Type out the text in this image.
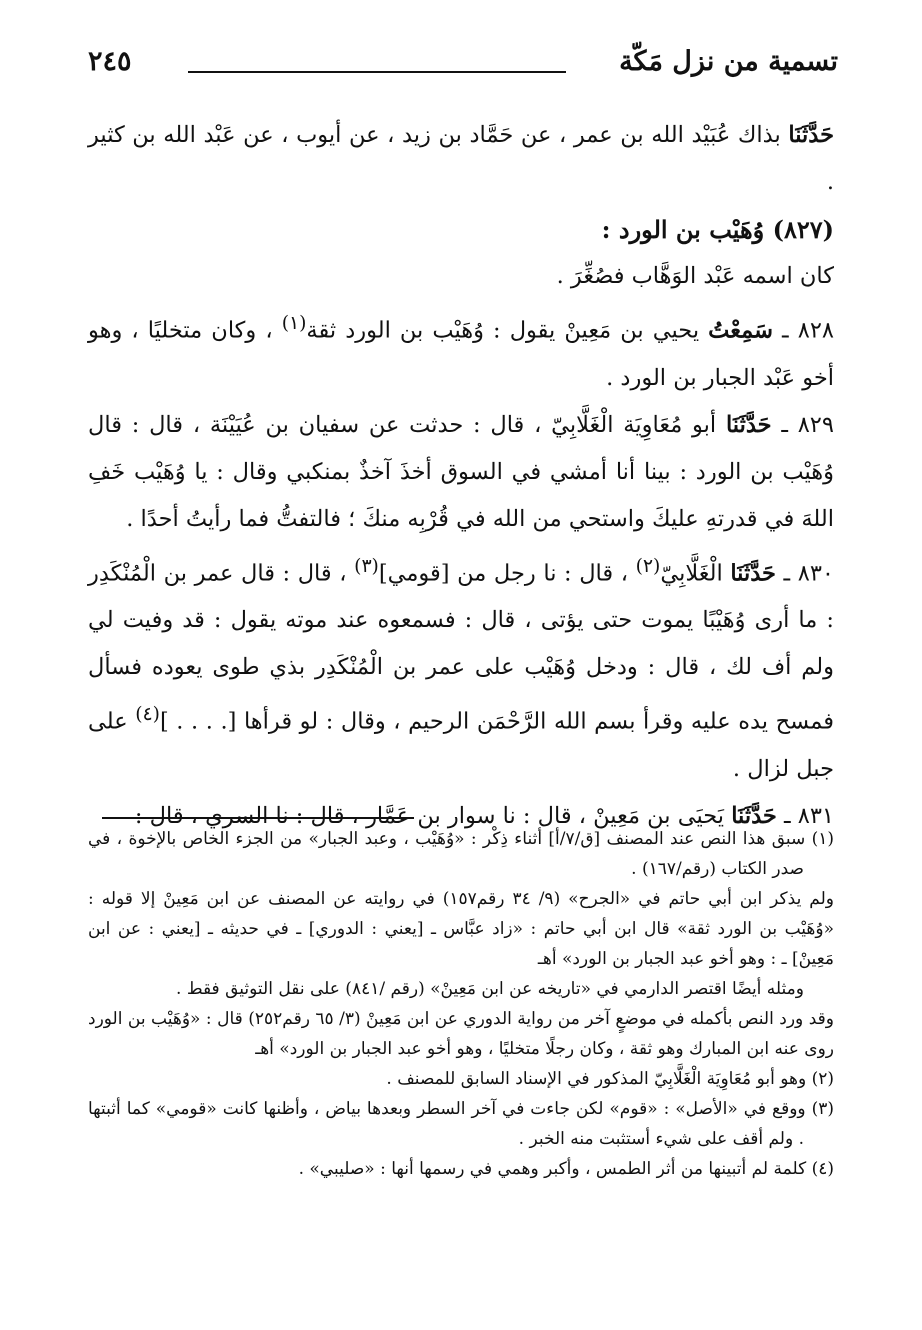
تسمية من نزل مَكّة
٢٤٥

حَدَّثَنَا بذاك عُبَيْد الله بن عمر ، عن حَمَّاد بن زيد ، عن أيوب ، عن عَبْد الله بن كثير .

(٨٢٧) وُهَيْب بن الورد :

كان اسمه عَبْد الوَهَّاب فصُغِّرَ .

٨٢٨ ـ سَمِعْتُ يحيي بن مَعِينْ يقول : وُهَيْب بن الورد ثقة$^{(١)}$ ، وكان متخليًا ، وهو أخو عَبْد الجبار بن الورد .

٨٢٩ ـ حَدَّثَنَا أبو مُعَاوِيَة الْغَلَّابِيّ ، قال : حدثت عن سفيان بن عُيَيْنَة ، قال : قال وُهَيْب بن الورد : بينا أنا أمشي في السوق أخذَ آخذٌ بمنكبي وقال : يا وُهَيْب خَفِ اللهَ في قدرتهِ عليكَ واستحي من الله في قُرْبِه منكَ ؛ فالتفتُّ فما رأيتُ أحدًا .

٨٣٠ ـ حَدَّثَنَا الْغَلَّابِيّ$^{(٢)}$ ، قال : نا رجل من [قومي]$^{(٣)}$ ، قال : قال عمر بن الْمُنْكَدِر : ما أرى وُهَيْبًا يموت حتى يؤتى ، قال : فسمعوه عند موته يقول : قد وفيت لي ولم أف لك ، قال : ودخل وُهَيْب على عمر بن الْمُنْكَدِر بذي طوى يعوده فسأل فمسح يده عليه وقرأ بسم الله الرَّحْمَن الرحيم ، وقال : لو قرأها [. . . . ]$^{(٤)}$ على جبل لزال .

٨٣١ ـ حَدَّثَنَا يَحيَى بن مَعِينْ ، قال : نا سوار بن عَمَّار ، قال : نا السري ، قال :

(١) سبق هذا النص عند المصنف [ق/٧/أ] أثناء ذِكْر : «وُهَيْب ، وعبد الجبار» من الجزء الخاص بالإخوة ، في صدر الكتاب (رقم/١٦٧) .

ولم يذكر ابن أبي حاتم في «الجرح» (٩/ ٣٤ رقم١٥٧) في روايته عن المصنف عن ابن مَعِينْ إلا قوله : «وُهَيْب بن الورد ثقة» قال ابن أبي حاتم : «زاد عبَّاس ـ [يعني : الدوري] ـ في حديثه ـ [يعني : عن ابن مَعِينْ] ـ : وهو أخو عبد الجبار بن الورد» أهـ

ومثله أيضًا اقتصر الدارمي في «تاريخه عن ابن مَعِينْ» (رقم /٨٤١) على نقل التوثيق فقط .

وقد ورد النص بأكمله في موضعٍ آخر من رواية الدوري عن ابن مَعِينْ (٣/ ٦٥ رقم٢٥٢) قال : «وُهَيْب بن الورد روى عنه ابن المبارك وهو ثقة ، وكان رجلًا متخليًا ، وهو أخو عبد الجبار بن الورد» أهـ

(٢) وهو أبو مُعَاوِيَة الْغَلَّابِيّ المذكور في الإسناد السابق للمصنف .

(٣) ووقع في «الأصل» : «قوم» لكن جاءت في آخر السطر وبعدها بياض ، وأظنها كانت «قومي» كما أثبتها . ولم أقف على شيء أستثبت منه الخبر .

(٤) كلمة لم أتبينها من أثر الطمس ، وأكبر وهمي في رسمها أنها : «صليبي» .
